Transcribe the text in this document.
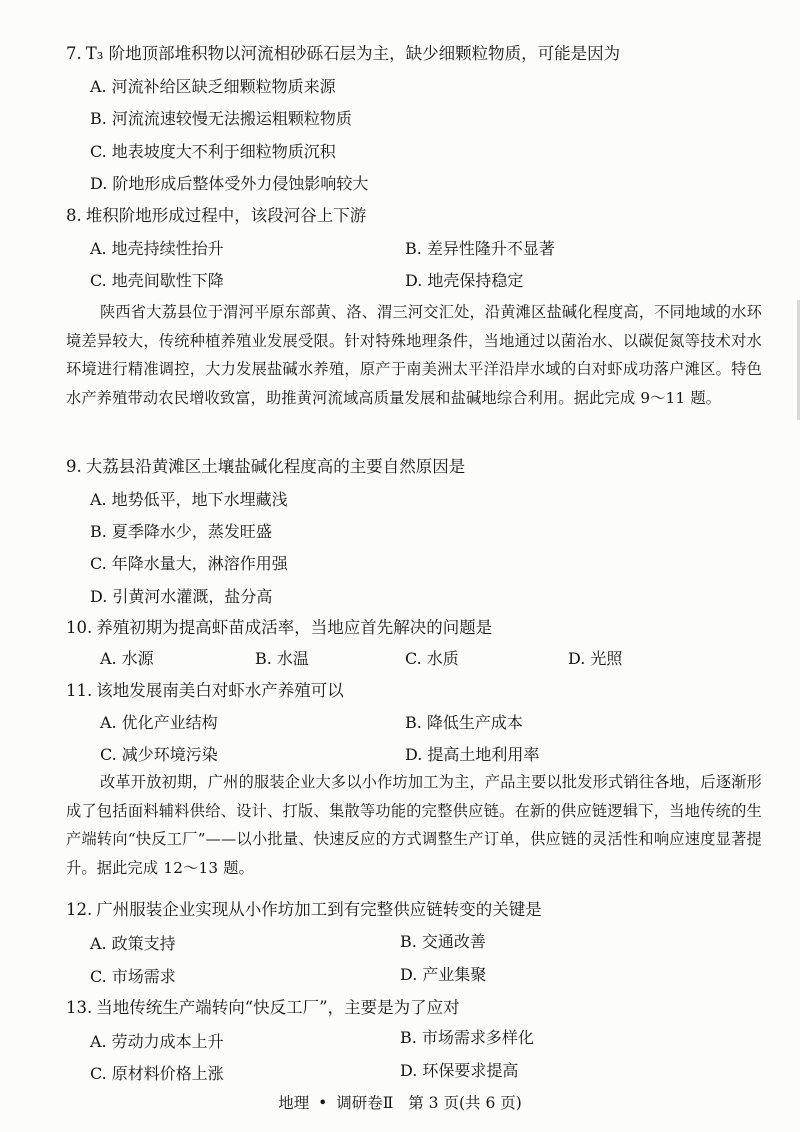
7. T₃ 阶地顶部堆积物以河流相砂砾石层为主，缺少细颗粒物质，可能是因为
A. 河流补给区缺乏细颗粒物质来源
B. 河流流速较慢无法搬运粗颗粒物质
C. 地表坡度大不利于细粒物质沉积
D. 阶地形成后整体受外力侵蚀影响较大
8. 堆积阶地形成过程中，该段河谷上下游
A. 地壳持续性抬升	B. 差异性隆升不显著
C. 地壳间歇性下降	D. 地壳保持稳定
陕西省大荔县位于渭河平原东部黄、洛、渭三河交汇处，沿黄滩区盐碱化程度高，不同地域的水环境差异较大，传统种植养殖业发展受限。针对特殊地理条件，当地通过以菌治水、以碳促氮等技术对水环境进行精准调控，大力发展盐碱水养殖，原产于南美洲太平洋沿岸水域的白对虾成功落户滩区。特色水产养殖带动农民增收致富，助推黄河流域高质量发展和盐碱地综合利用。据此完成 9～11 题。
9. 大荔县沿黄滩区土壤盐碱化程度高的主要自然原因是
A. 地势低平，地下水埋藏浅
B. 夏季降水少，蒸发旺盛
C. 年降水量大，淋溶作用强
D. 引黄河水灌溉，盐分高
10. 养殖初期为提高虾苗成活率，当地应首先解决的问题是
A. 水源	B. 水温	C. 水质	D. 光照
11. 该地发展南美白对虾水产养殖可以
A. 优化产业结构	B. 降低生产成本
C. 减少环境污染	D. 提高土地利用率
改革开放初期，广州的服装企业大多以小作坊加工为主，产品主要以批发形式销往各地，后逐渐形成了包括面料辅料供给、设计、打版、集散等功能的完整供应链。在新的供应链逻辑下，当地传统的生产端转向“快反工厂”——以小批量、快速反应的方式调整生产订单，供应链的灵活性和响应速度显著提升。据此完成 12～13 题。
12. 广州服装企业实现从小作坊加工到有完整供应链转变的关键是
A. 政策支持	B. 交通改善
C. 市场需求	D. 产业集聚
13. 当地传统生产端转向“快反工厂”，主要是为了应对
A. 劳动力成本上升	B. 市场需求多样化
C. 原材料价格上涨	D. 环保要求提高
地理 • 调研卷Ⅱ 第 3 页(共 6 页)
